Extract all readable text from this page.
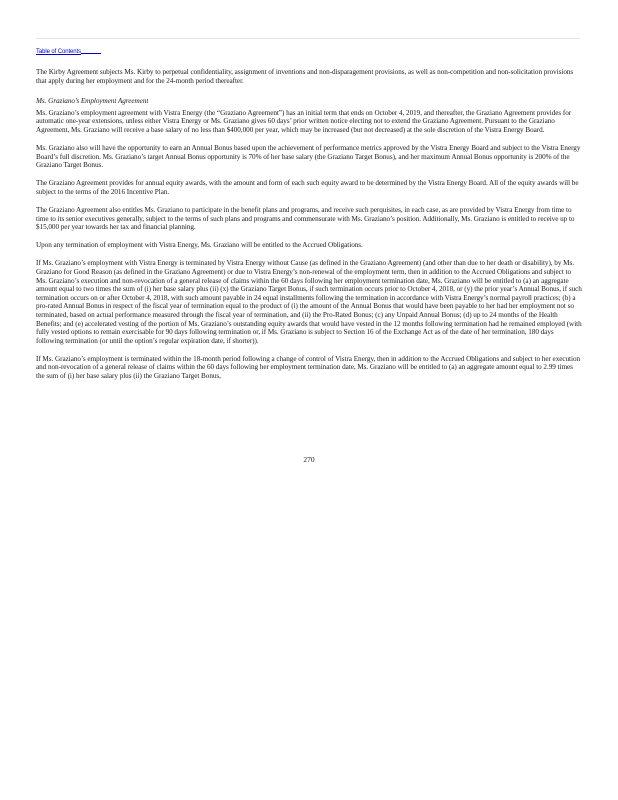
Table of Contents

The Kirby Agreement subjects Ms. Kirby to perpetual confidentiality, assignment of inventions and non-disparagement provisions, as well as non-competition and non-solicitation provisions that apply during her employment and for the 24-month period thereafter.

Ms. Graziano’s Employment Agreement

Ms. Graziano’s employment agreement with Vistra Energy (the “Graziano Agreement”) has an initial term that ends on October 4, 2019, and thereafter, the Graziano Agreement provides for automatic one-year extensions, unless either Vistra Energy or Ms. Graziano gives 60 days’ prior written notice electing not to extend the Graziano Agreement. Pursuant to the Graziano Agreement, Ms. Graziano will receive a base salary of no less than $400,000 per year, which may be increased (but not decreased) at the sole discretion of the Vistra Energy Board.

Ms. Graziano also will have the opportunity to earn an Annual Bonus based upon the achievement of performance metrics approved by the Vistra Energy Board and subject to the Vistra Energy Board’s full discretion. Ms. Graziano’s target Annual Bonus opportunity is 70% of her base salary (the Graziano Target Bonus), and her maximum Annual Bonus opportunity is 200% of the Graziano Target Bonus.

The Graziano Agreement provides for annual equity awards, with the amount and form of each such equity award to be determined by the Vistra Energy Board. All of the equity awards will be subject to the terms of the 2016 Incentive Plan.

The Graziano Agreement also entitles Ms. Graziano to participate in the benefit plans and programs, and receive such perquisites, in each case, as are provided by Vistra Energy from time to time to its senior executives generally, subject to the terms of such plans and programs and commensurate with Ms. Graziano’s position. Additionally, Ms. Graziano is entitled to receive up to $15,000 per year towards her tax and financial planning.

Upon any termination of employment with Vistra Energy, Ms. Graziano will be entitled to the Accrued Obligations.

If Ms. Graziano’s employment with Vistra Energy is terminated by Vistra Energy without Cause (as defined in the Graziano Agreement) (and other than due to her death or disability), by Ms. Graziano for Good Reason (as defined in the Graziano Agreement) or due to Vistra Energy’s non-renewal of the employment term, then in addition to the Accrued Obligations and subject to Ms. Graziano’s execution and non-revocation of a general release of claims within the 60 days following her employment termination date, Ms. Graziano will be entitled to (a) an aggregate amount equal to two times the sum of (i) her base salary plus (ii) (x) the Graziano Target Bonus, if such termination occurs prior to October 4, 2018, or (y) the prior year’s Annual Bonus, if such termination occurs on or after October 4, 2018, with such amount payable in 24 equal installments following the termination in accordance with Vistra Energy’s normal payroll practices; (b) a pro-rated Annual Bonus in respect of the fiscal year of termination equal to the product of (i) the amount of the Annual Bonus that would have been payable to her had her employment not so terminated, based on actual performance measured through the fiscal year of termination, and (ii) the Pro-Rated Bonus; (c) any Unpaid Annual Bonus; (d) up to 24 months of the Health Benefits; and (e) accelerated vesting of the portion of Ms. Graziano’s outstanding equity awards that would have vested in the 12 months following termination had he remained employed (with fully vested options to remain exercisable for 90 days following termination or, if Ms. Graziano is subject to Section 16 of the Exchange Act as of the date of her termination, 180 days following termination (or until the option’s regular expiration date, if shorter)).

If Ms. Graziano’s employment is terminated within the 18-month period following a change of control of Vistra Energy, then in addition to the Accrued Obligations and subject to her execution and non-revocation of a general release of claims within the 60 days following her employment termination date, Ms. Graziano will be entitled to (a) an aggregate amount equal to 2.99 times the sum of (i) her base salary plus (ii) the Graziano Target Bonus,

270
